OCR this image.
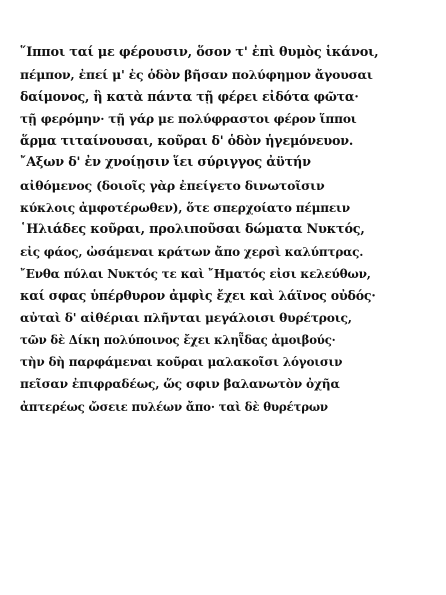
῞Ιπποι ταί με φέρουσιν, ὅσον τ' ἐπὶ θυμὸς ἱκάνοι,
πέμπον, ἐπεί μ' ἐς ὁδὸν βῆσαν πολύφημον ἄγουσαι
δαίμονος, ἣ κατὰ πάντα τῇ φέρει εἰδότα φῶτα·
τῇ φερόμην· τῇ γάρ με πολύφραστοι φέρον ἵπποι
ἅρμα τιταίνουσαι, κοῦραι δ' ὁδὸν ἡγεμόνευον.
῎Αξων δ' ἐν χνοίῃσιν ἵει σύριγγος ἀϋτήν
αἰθόμενος (δοιοῖς γὰρ ἐπείγετο δινωτοῖσιν
κύκλοις ἀμφοτέρωθεν), ὅτε σπερχοίατο πέμπειν
῾Ηλιάδες κοῦραι, προλιποῦσαι δώματα Νυκτός,
εἰς φάος, ὠσάμεναι κράτων ἄπο χερσὶ καλύπτρας.
῎Ενθα πύλαι Νυκτός τε καὶ ῎Ηματός εἰσι κελεύθων,
καί σφας ὑπέρθυρον ἀμφὶς ἔχει καὶ λάϊνος οὐδός·
αὐταὶ δ' αἰθέριαι πλῆνται μεγάλοισι θυρέτροις,
τῶν δὲ Δίκη πολύποινος ἔχει κληῗδας ἀμοιβούς·
τὴν δὴ παρφάμεναι κοῦραι μαλακοῖσι λόγοισιν
πεῖσαν ἐπιφραδέως, ὥς σφιν βαλανωτὸν ὀχῆα
ἀπτερέως ὤσειε πυλέων ἄπο· ταὶ δὲ θυρέτρων
